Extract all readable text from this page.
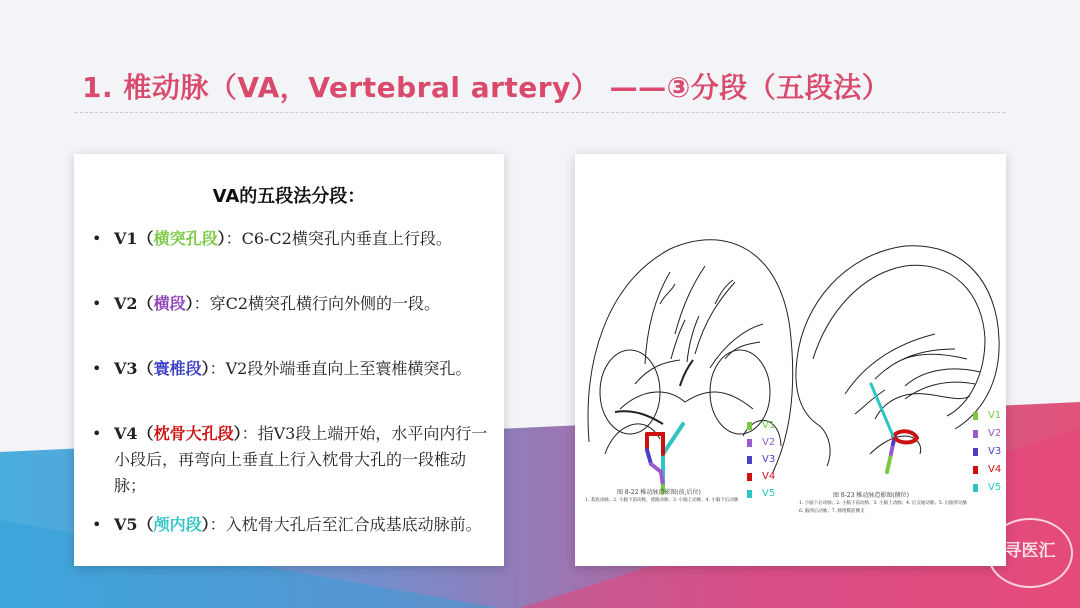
1. 椎动脉（VA，Vertebral artery） ——③分段（五段法）
VA的五段法分段：
• V1（横突孔段）：C6-C2横突孔内垂直上行段。
• V2（横段）：穿C2横突孔横行向外侧的一段。
• V3（寰椎段）：V2段外端垂直向上至寰椎横突孔。
• V4（枕骨大孔段）：指V3段上端开始，水平向内行一小段后，再弯向上垂直上行入枕骨大孔的一段椎动脉；
• V5（颅内段）：入枕骨大孔后至汇合成基底动脉前。
V1
V2
V3
V4
V5
V1
V2
V3
V4
V5
图 8-22 椎动脉造影图(前,后位)
1. 基底动脉；2. 小脑下前动脉，迷路动脉；3. 小脑上动脉；4. 小脑下后动脉
图 8-23 椎动脉造影图(侧位)
1. 小脑下后动脉；2. 小脑下前动脉；3. 小脑上动脉；4. 后交通动脉；5. 后脑穿动脉
6. 脑颅后动脉；7. 脉络膜前侧支
寻医汇
